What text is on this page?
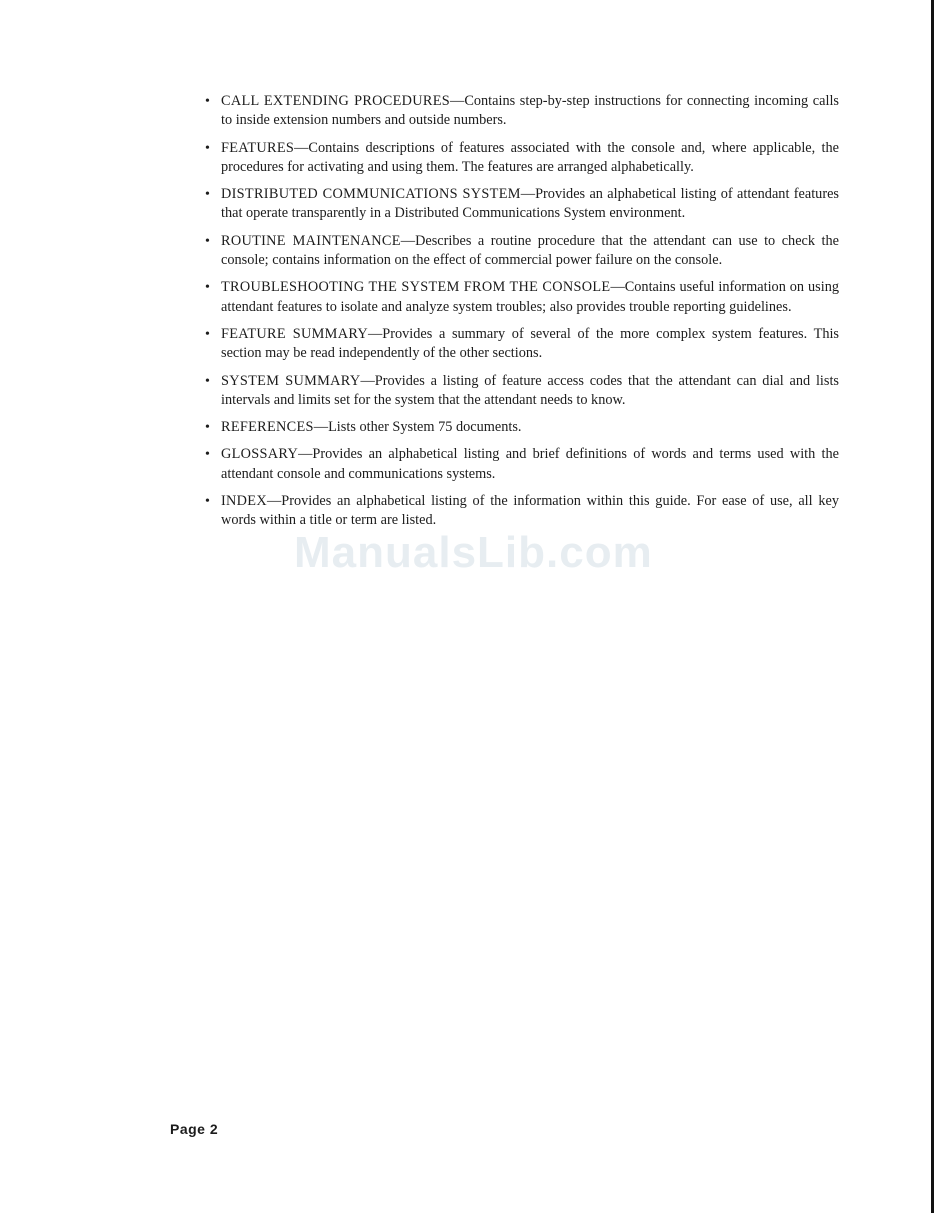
• CALL EXTENDING PROCEDURES—Contains step-by-step instructions for connecting incoming calls to inside extension numbers and outside numbers.
• FEATURES—Contains descriptions of features associated with the console and, where applicable, the procedures for activating and using them. The features are arranged alphabetically.
• DISTRIBUTED COMMUNICATIONS SYSTEM—Provides an alphabetical listing of attendant features that operate transparently in a Distributed Communications System environment.
• ROUTINE MAINTENANCE—Describes a routine procedure that the attendant can use to check the console; contains information on the effect of commercial power failure on the console.
• TROUBLESHOOTING THE SYSTEM FROM THE CONSOLE—Contains useful information on using attendant features to isolate and analyze system troubles; also provides trouble reporting guidelines.
• FEATURE SUMMARY—Provides a summary of several of the more complex system features. This section may be read independently of the other sections.
• SYSTEM SUMMARY—Provides a listing of feature access codes that the attendant can dial and lists intervals and limits set for the system that the attendant needs to know.
• REFERENCES—Lists other System 75 documents.
• GLOSSARY—Provides an alphabetical listing and brief definitions of words and terms used with the attendant console and communications systems.
• INDEX—Provides an alphabetical listing of the information within this guide. For ease of use, all key words within a title or term are listed.
ManualsLib.com
Page 2
